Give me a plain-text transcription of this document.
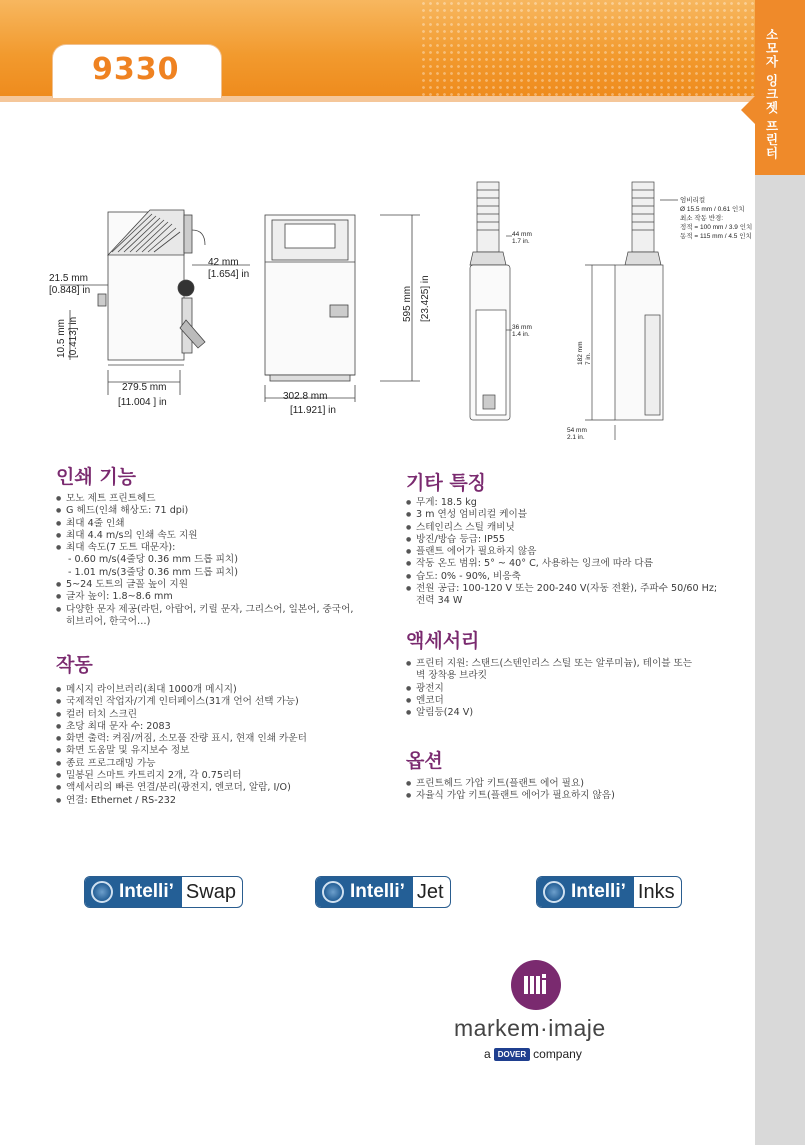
9330	소모자 잉크젯 프린터
21.5 mm
[0.848] in
10.5 mm [0.413] in
42 mm
[1.654] in
279.5 mm
[11.004 ] in
595 mm [23.425] in
302.8 mm
[11.921] in
44 mm
1.7 in.
36 mm
1.4 in.
엄비리컬
Ø 15.5 mm / 0.61 인치
최소 작동 반경:
정적 = 100 mm / 3.9 인치
동적 = 115 mm / 4.5 인치
182 mm 7 in.
54 mm
2.1 in.
인쇄 기능
● 모노 제트 프린트헤드
● G 헤드(인쇄 해상도: 71 dpi)
● 최대 4줄 인쇄
● 최대 4.4 m/s의 인쇄 속도 지원
● 최대 속도(7 도트 대문자):
- 0.60 m/s(4줄당 0.36 mm 드롭 피치)
- 1.01 m/s(3줄당 0.36 mm 드롭 피치)
● 5~24 도트의 글꼴 높이 지원
● 글자 높이: 1.8~8.6 mm
● 다양한 문자 제공(라틴, 아랍어, 키릴 문자, 그리스어, 일본어, 중국어,
히브리어, 한국어…)
작동
● 메시지 라이브러리(최대 1000개 메시지)
● 국제적인 작업자/기계 인터페이스(31개 언어 선택 가능)
● 컬러 터치 스크린
● 초당 최대 문자 수: 2083
● 화면 출력: 켜짐/꺼짐, 소모품 잔량 표시, 현재 인쇄 카운터
● 화면 도움말 및 유지보수 정보
● 종료 프로그래밍 가능
● 밀봉된 스마트 카트리지 2개, 각 0.75리터
● 액세서리의 빠른 연결/분리(광전지, 엔코더, 알람, I/O)
● 연결: Ethernet / RS-232
기타 특징
● 무게: 18.5 kg
● 3 m 연성 엄비리컬 케이블
● 스테인리스 스틸 캐비닛
● 방진/방습 등급: IP55
● 플랜트 에어가 필요하지 않음
● 작동 온도 범위: 5° ~ 40° C, 사용하는 잉크에 따라 다름
● 습도: 0% - 90%, 비응축
● 전원 공급: 100-120 V 또는 200-240 V(자동 전환), 주파수 50/60 Hz;
전력 34 W
액세서리
● 프린터 지원: 스탠드(스텐인리스 스틸 또는 알루미늄), 테이블 또는
벽 장착용 브라킷
● 광전지
● 엔코더
● 알림등(24 V)
옵션
● 프린트헤드 가압 키트(플랜트 에어 필요)
● 자율식 가압 키트(플랜트 에어가 필요하지 않음)
Intelli’ Swap	Intelli’ Jet	Intelli’ Inks
markem·imaje
a DOVER company
